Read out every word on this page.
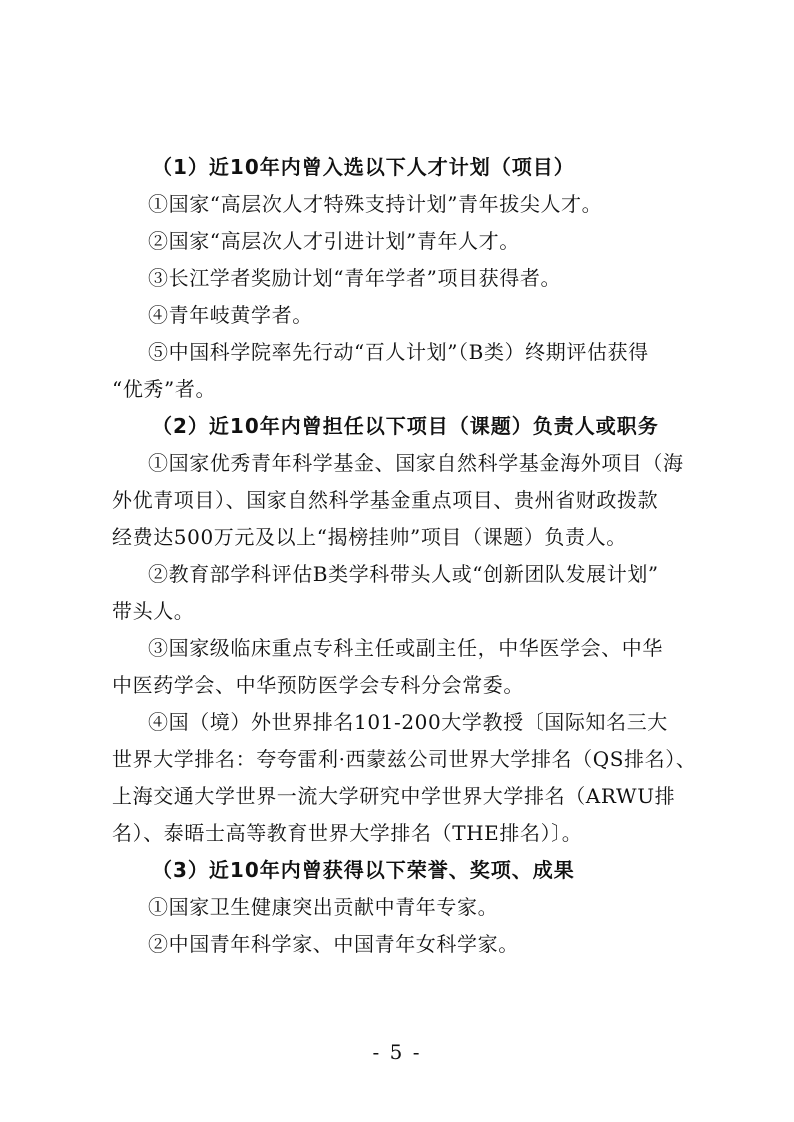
（1）近10年内曾入选以下人才计划（项目）
①国家“高层次人才特殊支持计划”青年拔尖人才。
②国家“高层次人才引进计划”青年人才。
③长江学者奖励计划“青年学者”项目获得者。
④青年岐黄学者。
⑤中国科学院率先行动“百人计划”（B类）终期评估获得
“优秀”者。
（2）近10年内曾担任以下项目（课题）负责人或职务
①国家优秀青年科学基金、国家自然科学基金海外项目（海
外优青项目）、国家自然科学基金重点项目、贵州省财政拨款
经费达500万元及以上“揭榜挂帅”项目（课题）负责人。
②教育部学科评估B类学科带头人或“创新团队发展计划”
带头人。
③国家级临床重点专科主任或副主任，中华医学会、中华
中医药学会、中华预防医学会专科分会常委。
④国（境）外世界排名101-200大学教授〔国际知名三大
世界大学排名：夸夸雷利·西蒙兹公司世界大学排名（QS排名）、
上海交通大学世界一流大学研究中学世界大学排名（ARWU排
名）、泰晤士高等教育世界大学排名（THE排名）〕。
（3）近10年内曾获得以下荣誉、奖项、成果
①国家卫生健康突出贡献中青年专家。
②中国青年科学家、中国青年女科学家。
- 5 -
